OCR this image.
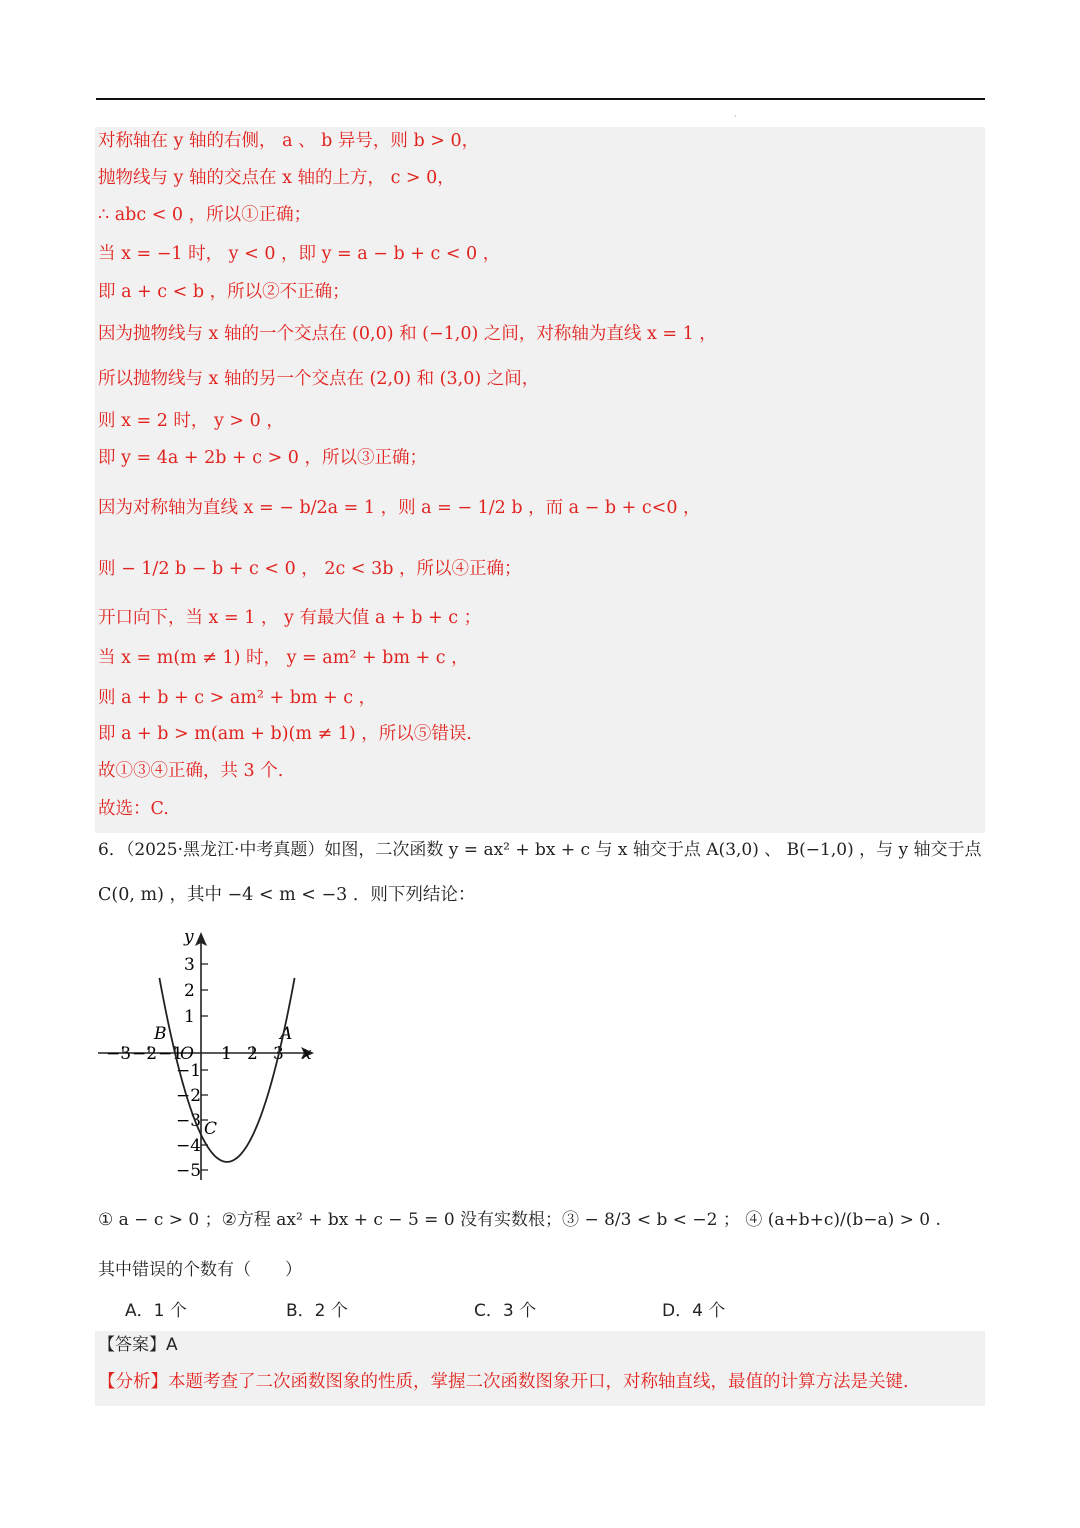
·
对称轴在 y 轴的右侧， a 、 b 异号，则 b > 0，
抛物线与 y 轴的交点在 x 轴的上方， c > 0，
∴ abc < 0 ，所以①正确；
当 x = −1 时， y < 0 ，即 y = a − b + c < 0 ，
即 a + c < b ，所以②不正确；
因为抛物线与 x 轴的一个交点在 (0,0) 和 (−1,0) 之间，对称轴为直线 x = 1 ，
所以抛物线与 x 轴的另一个交点在 (2,0) 和 (3,0) 之间，
则 x = 2 时， y > 0 ，
即 y = 4a + 2b + c > 0 ，所以③正确；
因为对称轴为直线 x = − b/2a = 1 ，则 a = − 1/2 b ，而 a − b + c<0 ，
则 − 1/2 b − b + c < 0 ， 2c < 3b ，所以④正确；
开口向下，当 x = 1 ， y 有最大值 a + b + c ；
当 x = m(m ≠ 1) 时， y = am² + bm + c ，
则 a + b + c > am² + bm + c ，
即 a + b > m(am + b)(m ≠ 1) ，所以⑤错误.
故①③④正确，共 3 个.
故选：C.
6．（2025·黑龙江·中考真题）如图，二次函数 y = ax² + bx + c 与 x 轴交于点 A(3,0) 、 B(−1,0) ，与 y 轴交于点
C(0, m) ，其中 −4 < m < −3 ．则下列结论：
−3 −2 −1 1 2 3
3
2
1
−1
−2
−3
−4
−5
O	x
y
A
B
C
① a − c > 0 ；②方程 ax² + bx + c − 5 = 0 没有实数根；③ − 8/3 < b < −2 ； ④ (a+b+c)/(b−a) > 0 .
其中错误的个数有（　　）
A．1 个	B．2 个	C．3 个	D．4 个
【答案】A
【分析】本题考查了二次函数图象的性质，掌握二次函数图象开口，对称轴直线，最值的计算方法是关键.
